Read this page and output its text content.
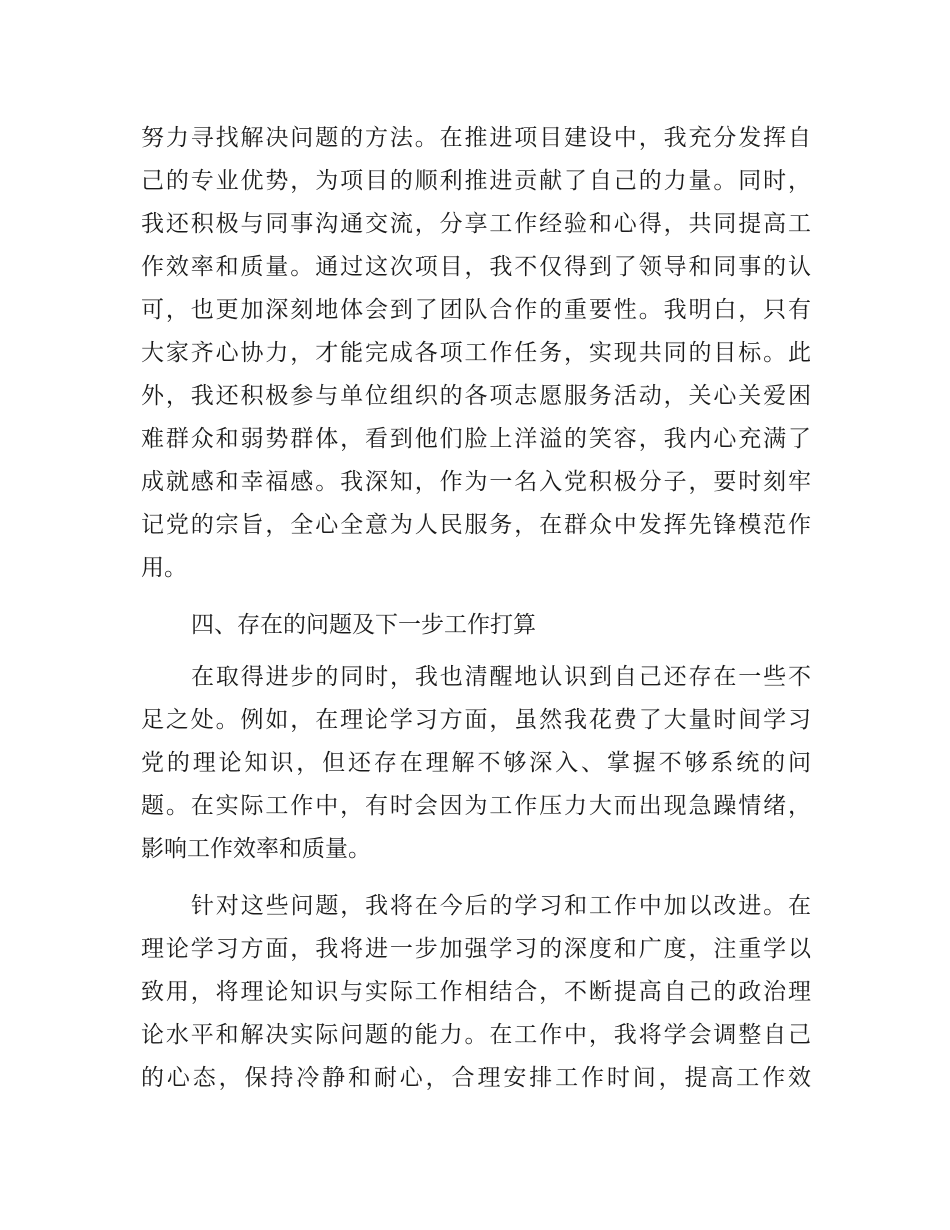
努力寻找解决问题的方法。在推进项目建设中，我充分发挥自
己的专业优势，为项目的顺利推进贡献了自己的力量。同时，
我还积极与同事沟通交流，分享工作经验和心得，共同提高工
作效率和质量。通过这次项目，我不仅得到了领导和同事的认
可，也更加深刻地体会到了团队合作的重要性。我明白，只有
大家齐心协力，才能完成各项工作任务，实现共同的目标。此
外，我还积极参与单位组织的各项志愿服务活动，关心关爱困
难群众和弱势群体，看到他们脸上洋溢的笑容，我内心充满了
成就感和幸福感。我深知，作为一名入党积极分子，要时刻牢
记党的宗旨，全心全意为人民服务，在群众中发挥先锋模范作
用。
四、存在的问题及下一步工作打算
在取得进步的同时，我也清醒地认识到自己还存在一些不
足之处。例如，在理论学习方面，虽然我花费了大量时间学习
党的理论知识，但还存在理解不够深入、掌握不够系统的问
题。在实际工作中，有时会因为工作压力大而出现急躁情绪，
影响工作效率和质量。
针对这些问题，我将在今后的学习和工作中加以改进。在
理论学习方面，我将进一步加强学习的深度和广度，注重学以
致用，将理论知识与实际工作相结合，不断提高自己的政治理
论水平和解决实际问题的能力。在工作中，我将学会调整自己
的心态，保持冷静和耐心，合理安排工作时间，提高工作效
